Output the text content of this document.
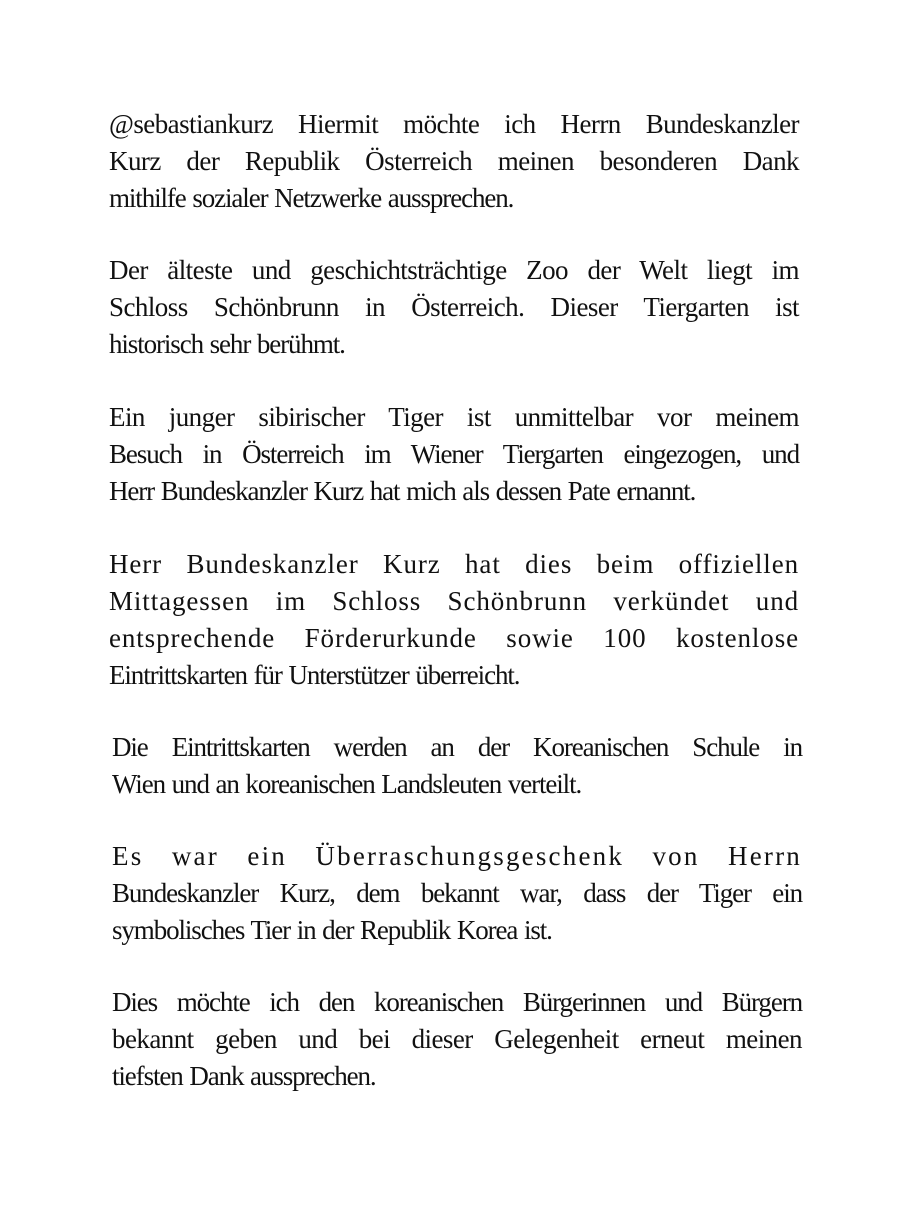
@sebastiankurz Hiermit möchte ich Herrn Bundeskanzler
Kurz der Republik Österreich meinen besonderen Dank
mithilfe sozialer Netzwerke aussprechen.

Der älteste und geschichtsträchtige Zoo der Welt liegt im
Schloss Schönbrunn in Österreich. Dieser Tiergarten ist
historisch sehr berühmt.

Ein junger sibirischer Tiger ist unmittelbar vor meinem
Besuch in Österreich im Wiener Tiergarten eingezogen, und
Herr Bundeskanzler Kurz hat mich als dessen Pate ernannt.

Herr Bundeskanzler Kurz hat dies beim offiziellen
Mittagessen im Schloss Schönbrunn verkündet und
entsprechende Förderurkunde sowie 100 kostenlose
Eintrittskarten für Unterstützer überreicht.

Die Eintrittskarten werden an der Koreanischen Schule in
Wien und an koreanischen Landsleuten verteilt.

Es war ein Überraschungsgeschenk von Herrn
Bundeskanzler Kurz, dem bekannt war, dass der Tiger ein
symbolisches Tier in der Republik Korea ist.

Dies möchte ich den koreanischen Bürgerinnen und Bürgern
bekannt geben und bei dieser Gelegenheit erneut meinen
tiefsten Dank aussprechen.
